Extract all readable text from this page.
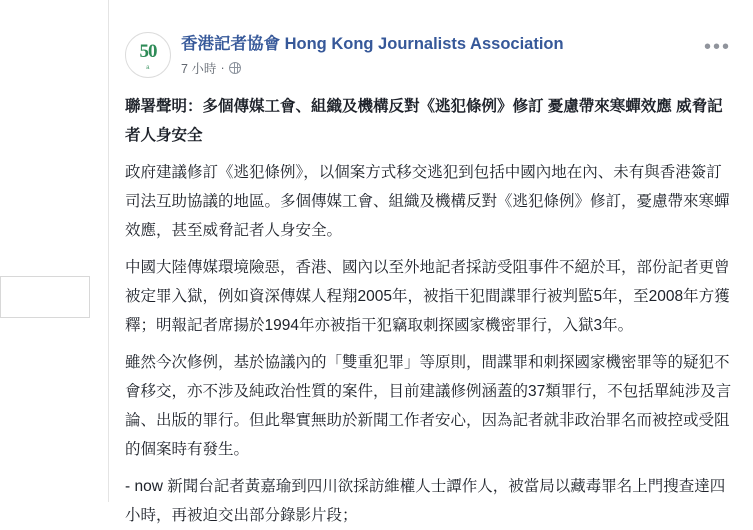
50
a
香港記者協會 Hong Kong Journalists Association
7 小時 ·
•••

聯署聲明：多個傳媒工會、組織及機構反對《逃犯條例》修訂 憂慮帶來寒蟬效應 威脅記者人身安全

政府建議修訂《逃犯條例》，以個案方式移交逃犯到包括中國內地在內、未有與香港簽訂司法互助協議的地區。多個傳媒工會、組織及機構反對《逃犯條例》修訂，憂慮帶來寒蟬效應，甚至威脅記者人身安全。

中國大陸傳媒環境險惡，香港、國內以至外地記者採訪受阻事件不絕於耳，部份記者更曾被定罪入獄，例如資深傳媒人程翔2005年，被指干犯間諜罪行被判監5年，至2008年方獲釋；明報記者席揚於1994年亦被指干犯竊取刺探國家機密罪行，入獄3年。

雖然今次修例，基於協議內的「雙重犯罪」等原則，間諜罪和刺探國家機密罪等的疑犯不會移交，亦不涉及純政治性質的案件，目前建議修例涵蓋的37類罪行，不包括單純涉及言論、出版的罪行。但此舉實無助於新聞工作者安心，因為記者就非政治罪名而被控或受阻的個案時有發生。

- now 新聞台記者黃嘉瑜到四川欲採訪維權人士譚作人，被當局以藏毒罪名上門搜查達四小時，再被迫交出部分錄影片段；
